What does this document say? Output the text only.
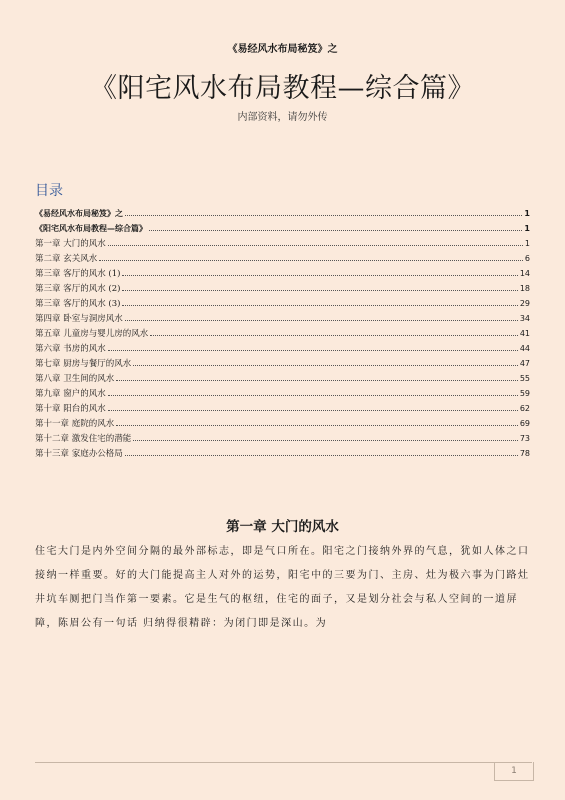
《易经风水布局秘笈》之
《阳宅风水布局教程—综合篇》
内部资料，请勿外传
目录
《易经风水布局秘笈》之	1
《阳宅风水布局教程—综合篇》	1
第一章 大门的风水	1
第二章 玄关风水	6
第三章 客厅的风水 (1)	14
第三章 客厅的风水 (2)	18
第三章 客厅的风水 (3)	29
第四章 卧室与洞房风水	34
第五章 儿童房与婴儿房的风水	41
第六章 书房的风水	44
第七章 厨房与餐厅的风水	47
第八章 卫生间的风水	55
第九章 窗户的风水	59
第十章 阳台的风水	62
第十一章 庭院的风水	69
第十二章 激发住宅的潜能	73
第十三章 家庭办公格局	78
第一章 大门的风水
住宅大门是内外空间分隔的最外部标志，即是气口所在。阳宅之门接纳外界的气息，犹如人体之口接纳一样重要。好的大门能提高主人对外的运势，阳宅中的三要为门、主房、灶为极六事为门路灶井坑车厕把门当作第一要素。它是生气的枢纽，住宅的面子，又是划分社会与私人空间的一道屏障，陈眉公有一句话 归纳得很精辟：为闭门即是深山。为
1
